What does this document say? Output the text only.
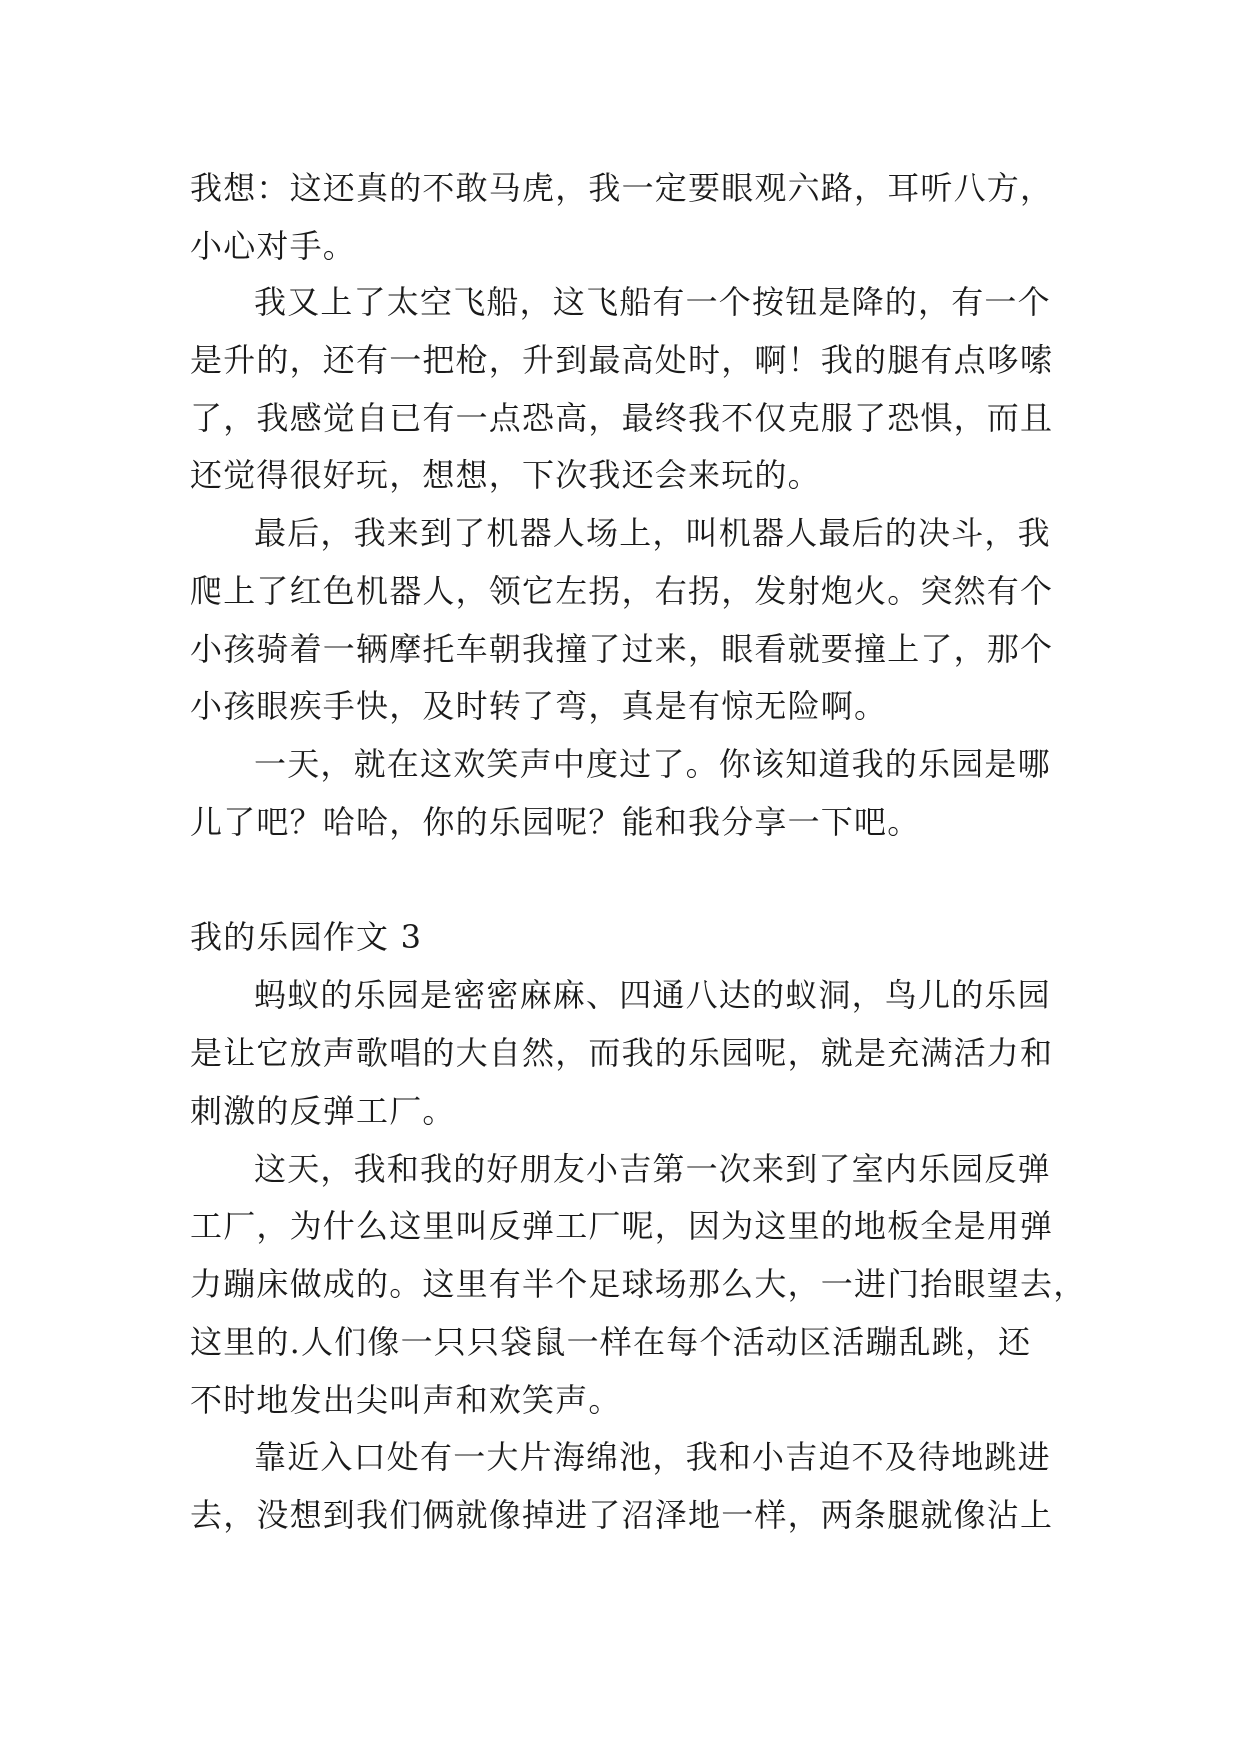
我想：这还真的不敢马虎，我一定要眼观六路，耳听八方，
小心对手。
我又上了太空飞船，这飞船有一个按钮是降的，有一个
是升的，还有一把枪，升到最高处时，啊！我的腿有点哆嗦
了，我感觉自已有一点恐高，最终我不仅克服了恐惧，而且
还觉得很好玩，想想，下次我还会来玩的。
最后，我来到了机器人场上，叫机器人最后的决斗，我
爬上了红色机器人，领它左拐，右拐，发射炮火。突然有个
小孩骑着一辆摩托车朝我撞了过来，眼看就要撞上了，那个
小孩眼疾手快，及时转了弯，真是有惊无险啊。
一天，就在这欢笑声中度过了。你该知道我的乐园是哪
儿了吧？哈哈，你的乐园呢？能和我分享一下吧。
我的乐园作文 3
蚂蚁的乐园是密密麻麻、四通八达的蚁洞，鸟儿的乐园
是让它放声歌唱的大自然，而我的乐园呢，就是充满活力和
刺激的反弹工厂。
这天，我和我的好朋友小吉第一次来到了室内乐园反弹
工厂，为什么这里叫反弹工厂呢，因为这里的地板全是用弹
力蹦床做成的。这里有半个足球场那么大，一进门抬眼望去，
这里的.人们像一只只袋鼠一样在每个活动区活蹦乱跳，还
不时地发出尖叫声和欢笑声。
靠近入口处有一大片海绵池，我和小吉迫不及待地跳进
去，没想到我们俩就像掉进了沼泽地一样，两条腿就像沾上
